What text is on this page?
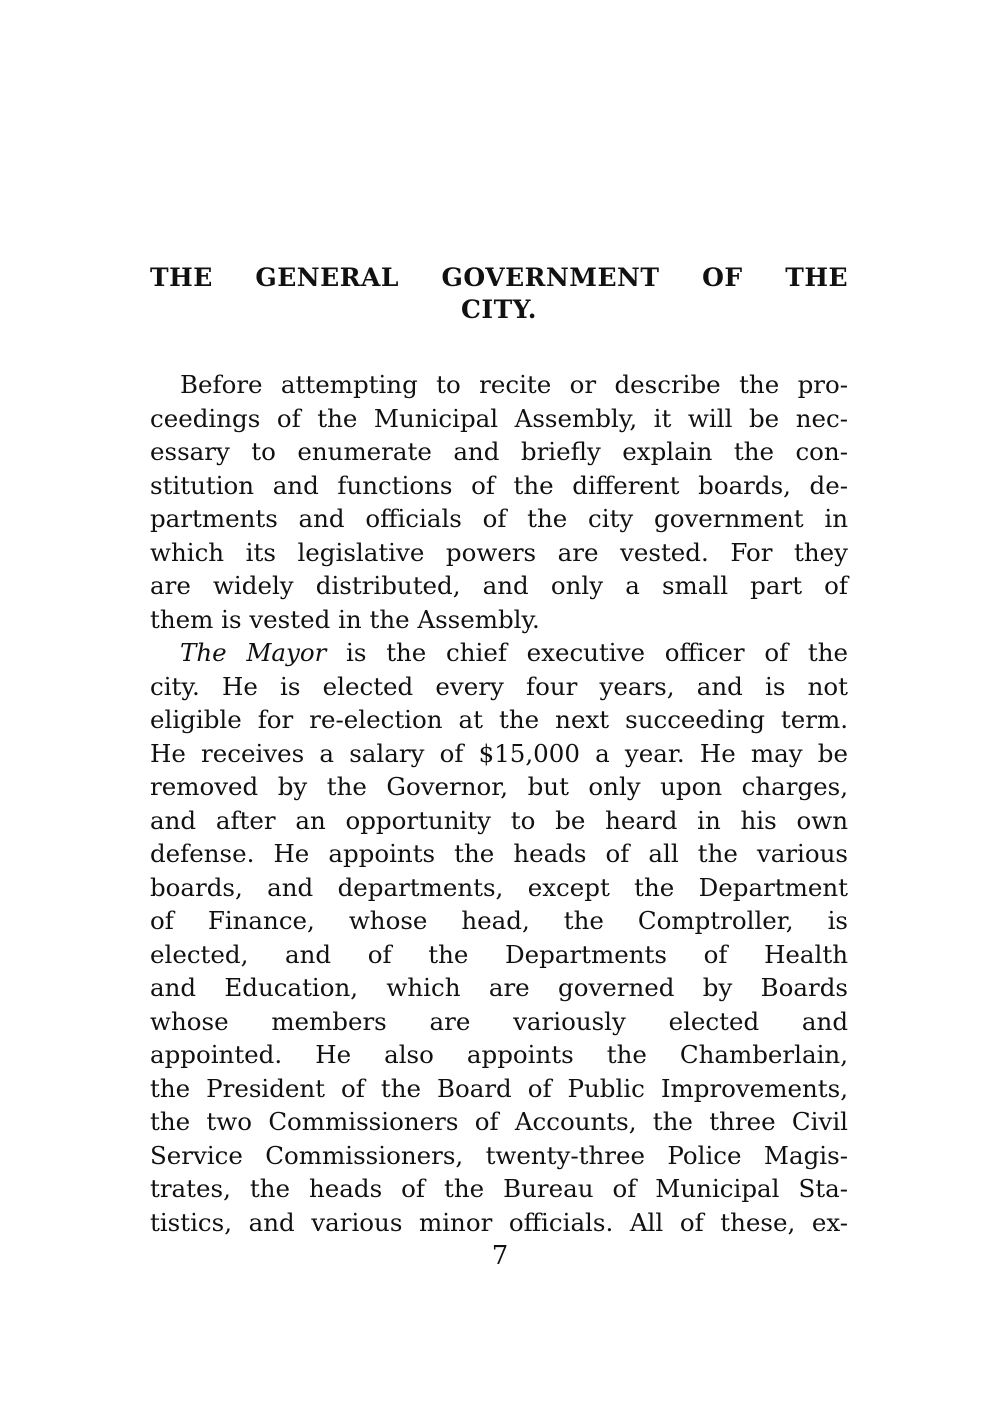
THE GENERAL GOVERNMENT OF THE
CITY.

Before attempting to recite or describe the pro-
ceedings of the Municipal Assembly, it will be nec-
essary to enumerate and briefly explain the con-
stitution and functions of the different boards, de-
partments and officials of the city government in
which its legislative powers are vested. For they
are widely distributed, and only a small part of
them is vested in the Assembly.

The Mayor is the chief executive officer of the
city. He is elected every four years, and is not
eligible for re-election at the next succeeding term.
He receives a salary of $15,000 a year. He may be
removed by the Governor, but only upon charges,
and after an opportunity to be heard in his own
defense. He appoints the heads of all the various
boards, and departments, except the Department
of Finance, whose head, the Comptroller, is
elected, and of the Departments of Health
and Education, which are governed by Boards
whose members are variously elected and
appointed. He also appoints the Chamberlain,
the President of the Board of Public Improvements,
the two Commissioners of Accounts, the three Civil
Service Commissioners, twenty-three Police Magis-
trates, the heads of the Bureau of Municipal Sta-
tistics, and various minor officials. All of these, ex-

7
